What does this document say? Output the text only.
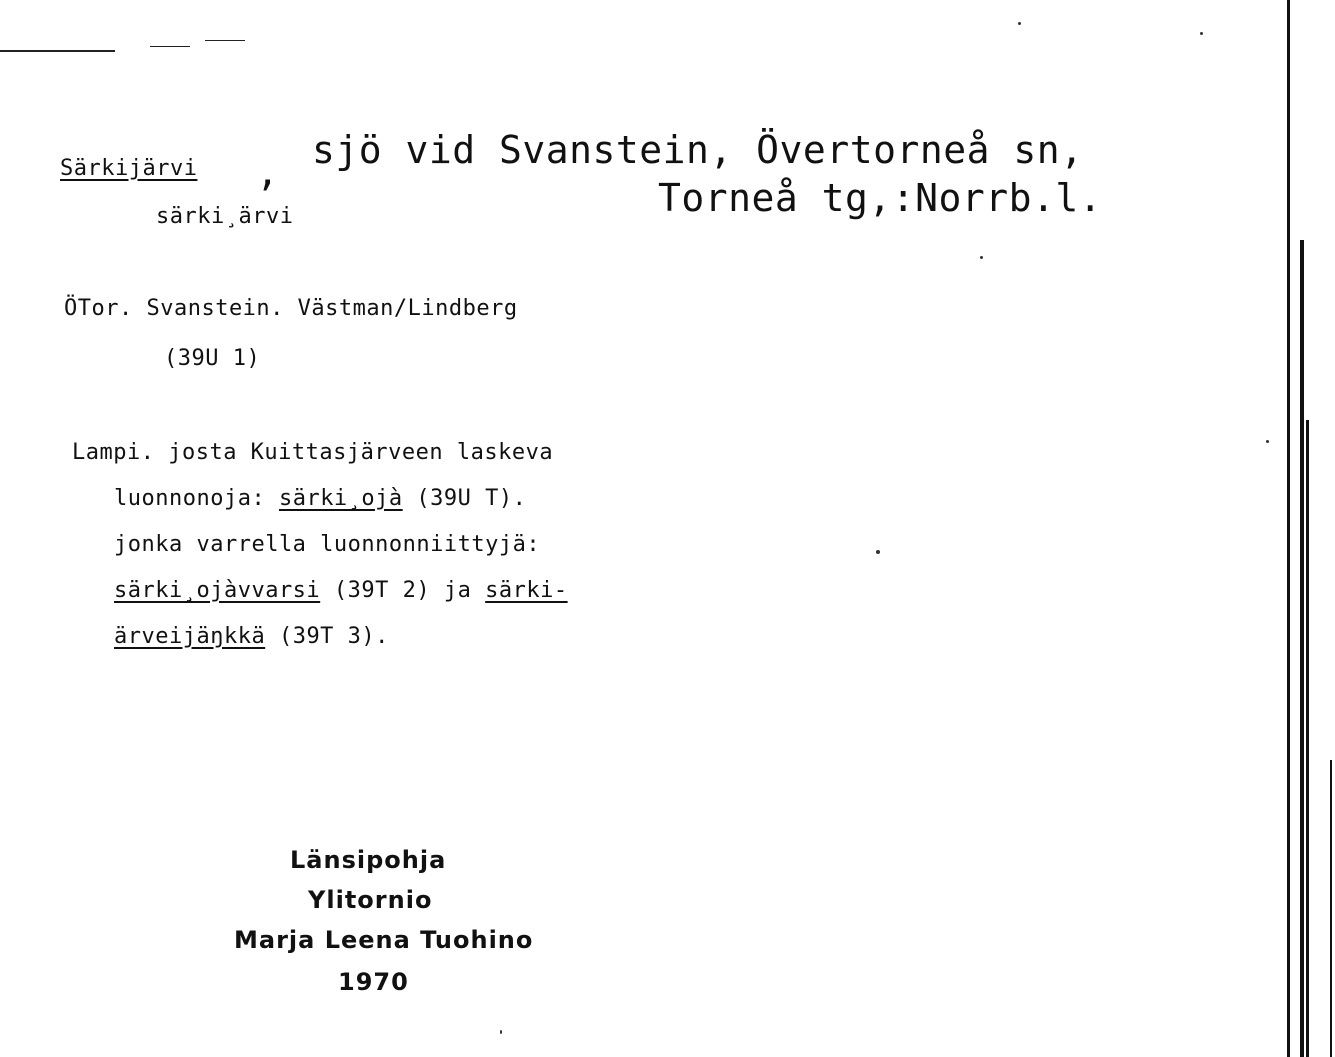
Särkijärvi , sjö vid Svanstein, Övertorneå sn,
Torneå tg,:Norrb.l.
särki¸ärvi
ÖTor. Svanstein. Västman/Lindberg
(39U 1)
Lampi. josta Kuittasjärveen laskeva
luonnonoja: särki¸ojà (39U T).
jonka varrella luonnonniittyjä:
särki¸ojàvvarsi (39T 2) ja särki-
ärveijäŋkkä (39T 3).
Länsipohja
Ylitornio
Marja Leena Tuohino
1970
